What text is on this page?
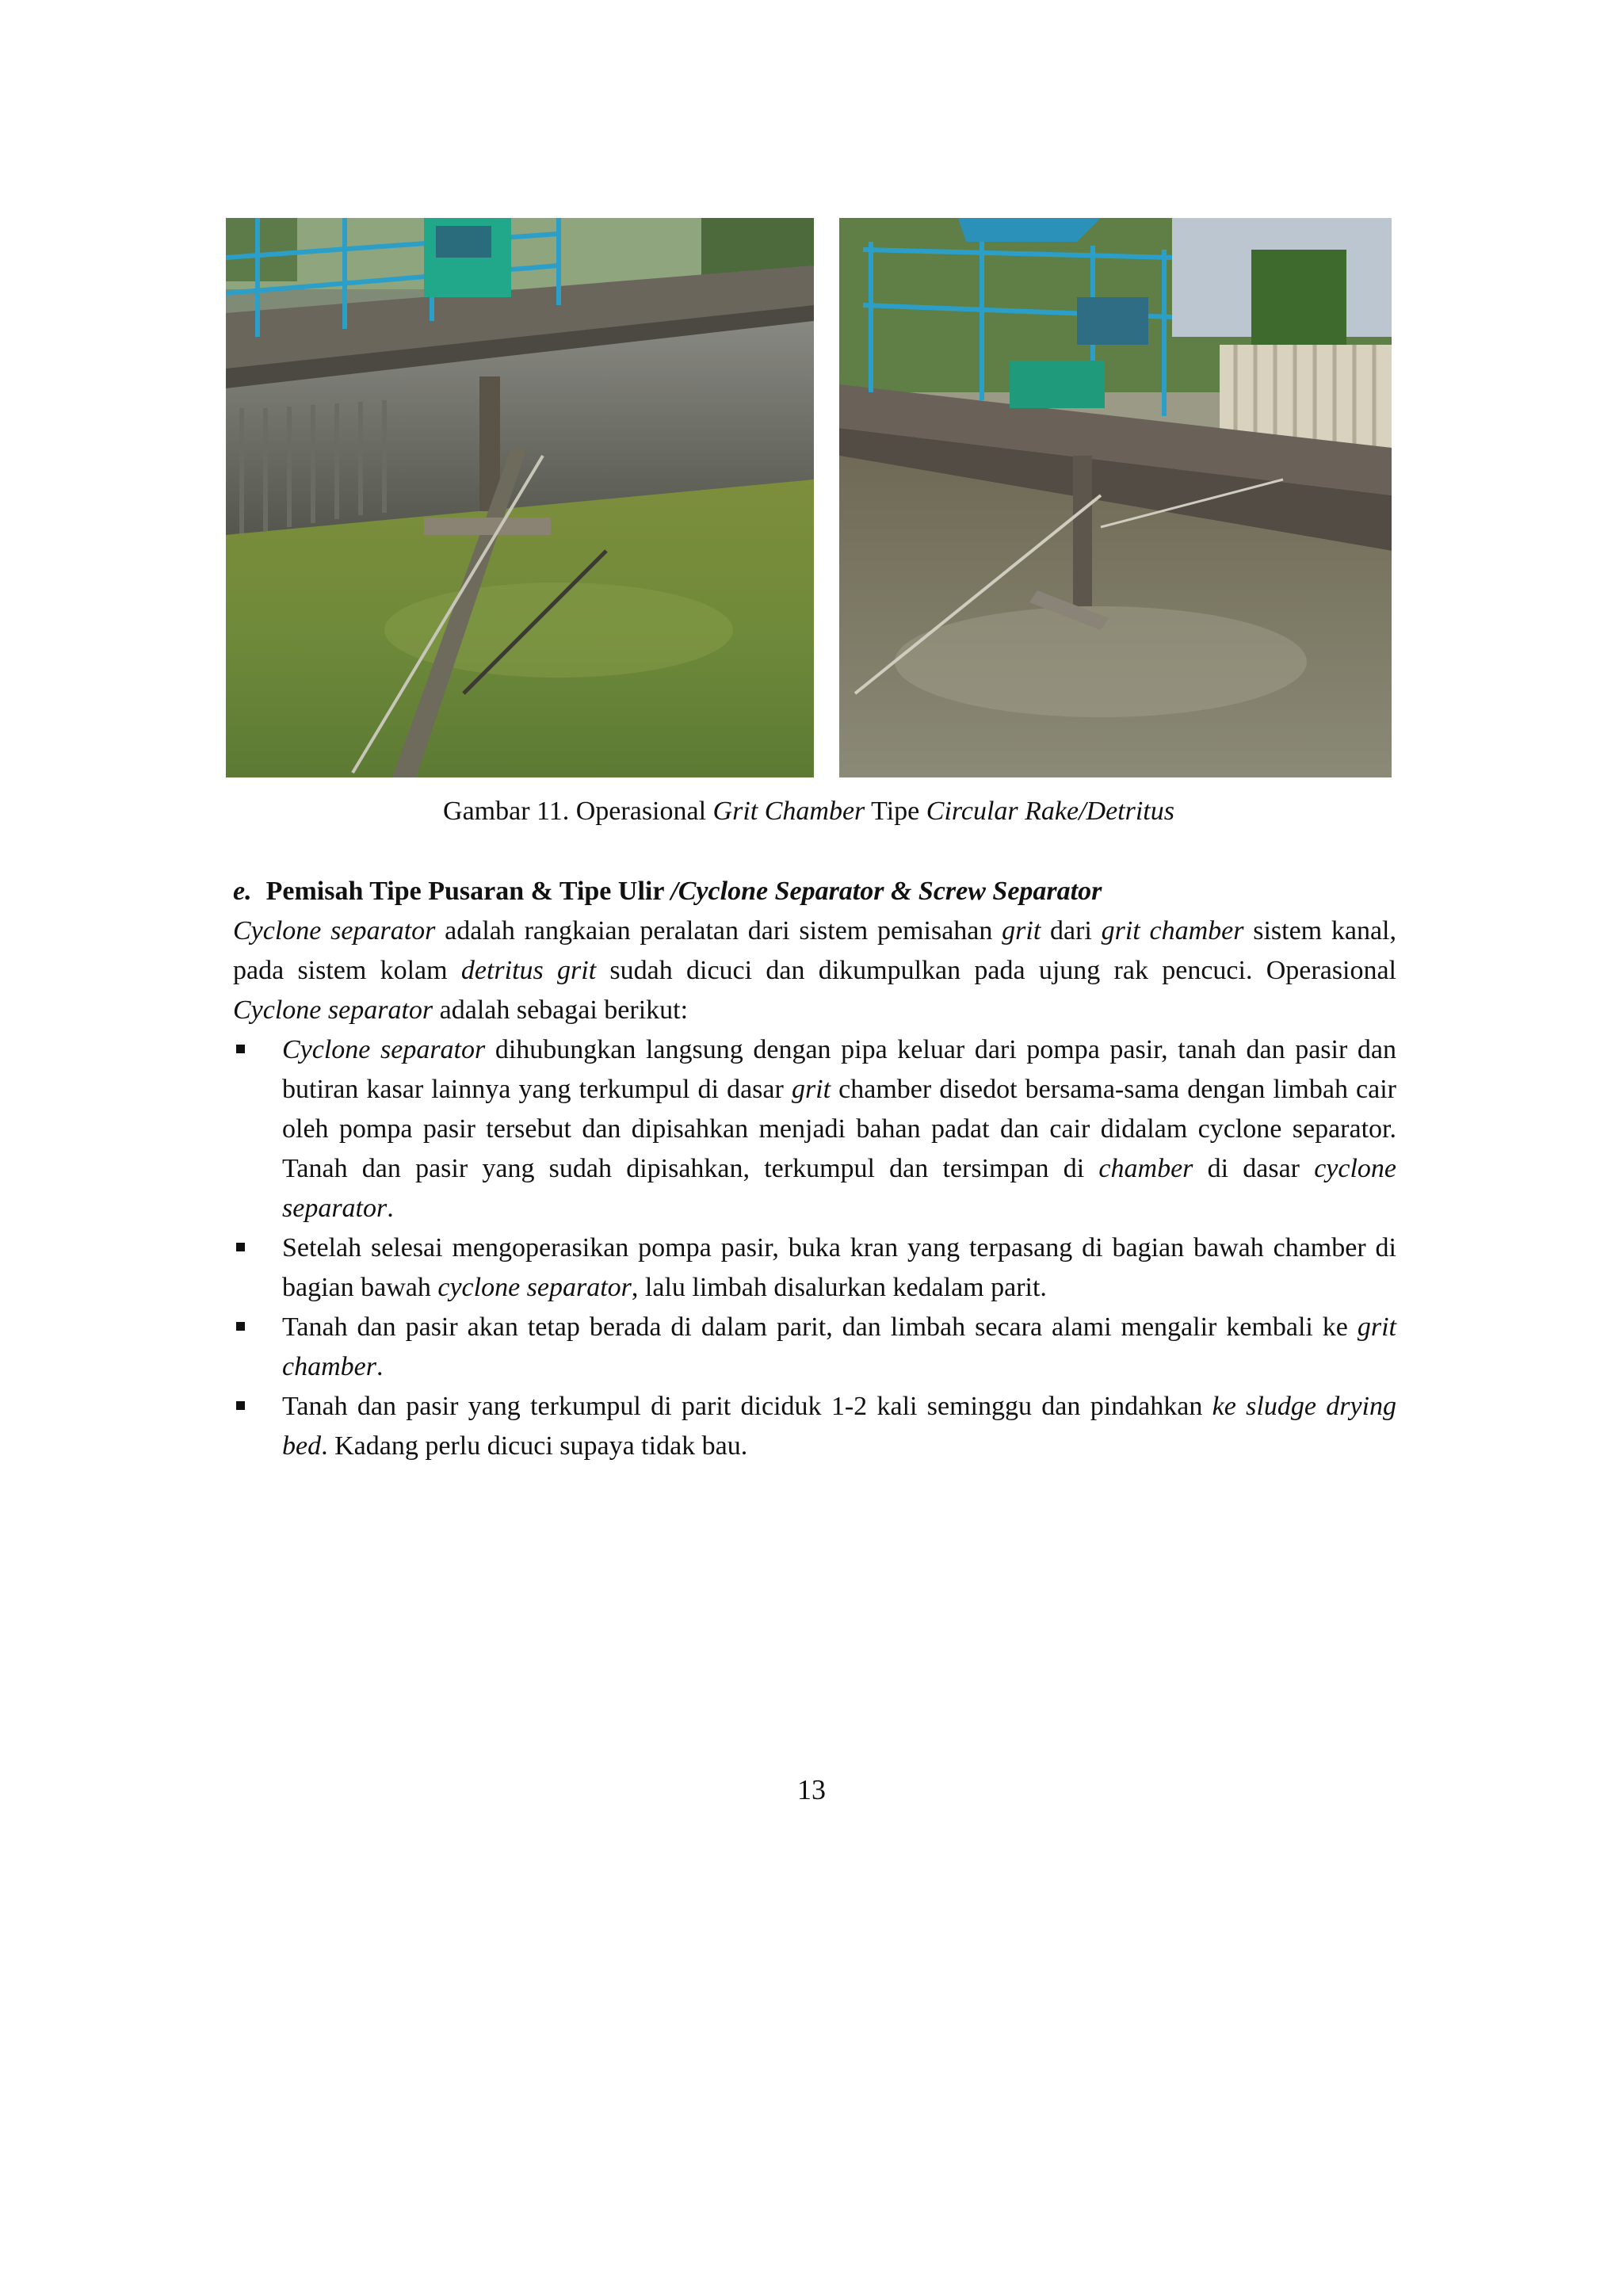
Gambar 11. Operasional Grit Chamber Tipe Circular Rake/Detritus

e. Pemisah Tipe Pusaran & Tipe Ulir /Cyclone Separator & Screw Separator

Cyclone separator adalah rangkaian peralatan dari sistem pemisahan grit dari grit chamber sistem kanal, pada sistem kolam detritus grit sudah dicuci dan dikumpulkan pada ujung rak pencuci. Operasional Cyclone separator adalah sebagai berikut:

Cyclone separator dihubungkan langsung dengan pipa keluar dari pompa pasir, tanah dan pasir dan butiran kasar lainnya yang terkumpul di dasar grit chamber disedot bersama-sama dengan limbah cair oleh pompa pasir tersebut dan dipisahkan menjadi bahan padat dan cair didalam cyclone separator. Tanah dan pasir yang sudah dipisahkan, terkumpul dan tersimpan di chamber di dasar cyclone separator.
Setelah selesai mengoperasikan pompa pasir, buka kran yang terpasang di bagian bawah chamber di bagian bawah cyclone separator, lalu limbah disalurkan kedalam parit.
Tanah dan pasir akan tetap berada di dalam parit, dan limbah secara alami mengalir kembali ke grit chamber.
Tanah dan pasir yang terkumpul di parit diciduk 1-2 kali seminggu dan pindahkan ke sludge drying bed. Kadang perlu dicuci supaya tidak bau.
13
